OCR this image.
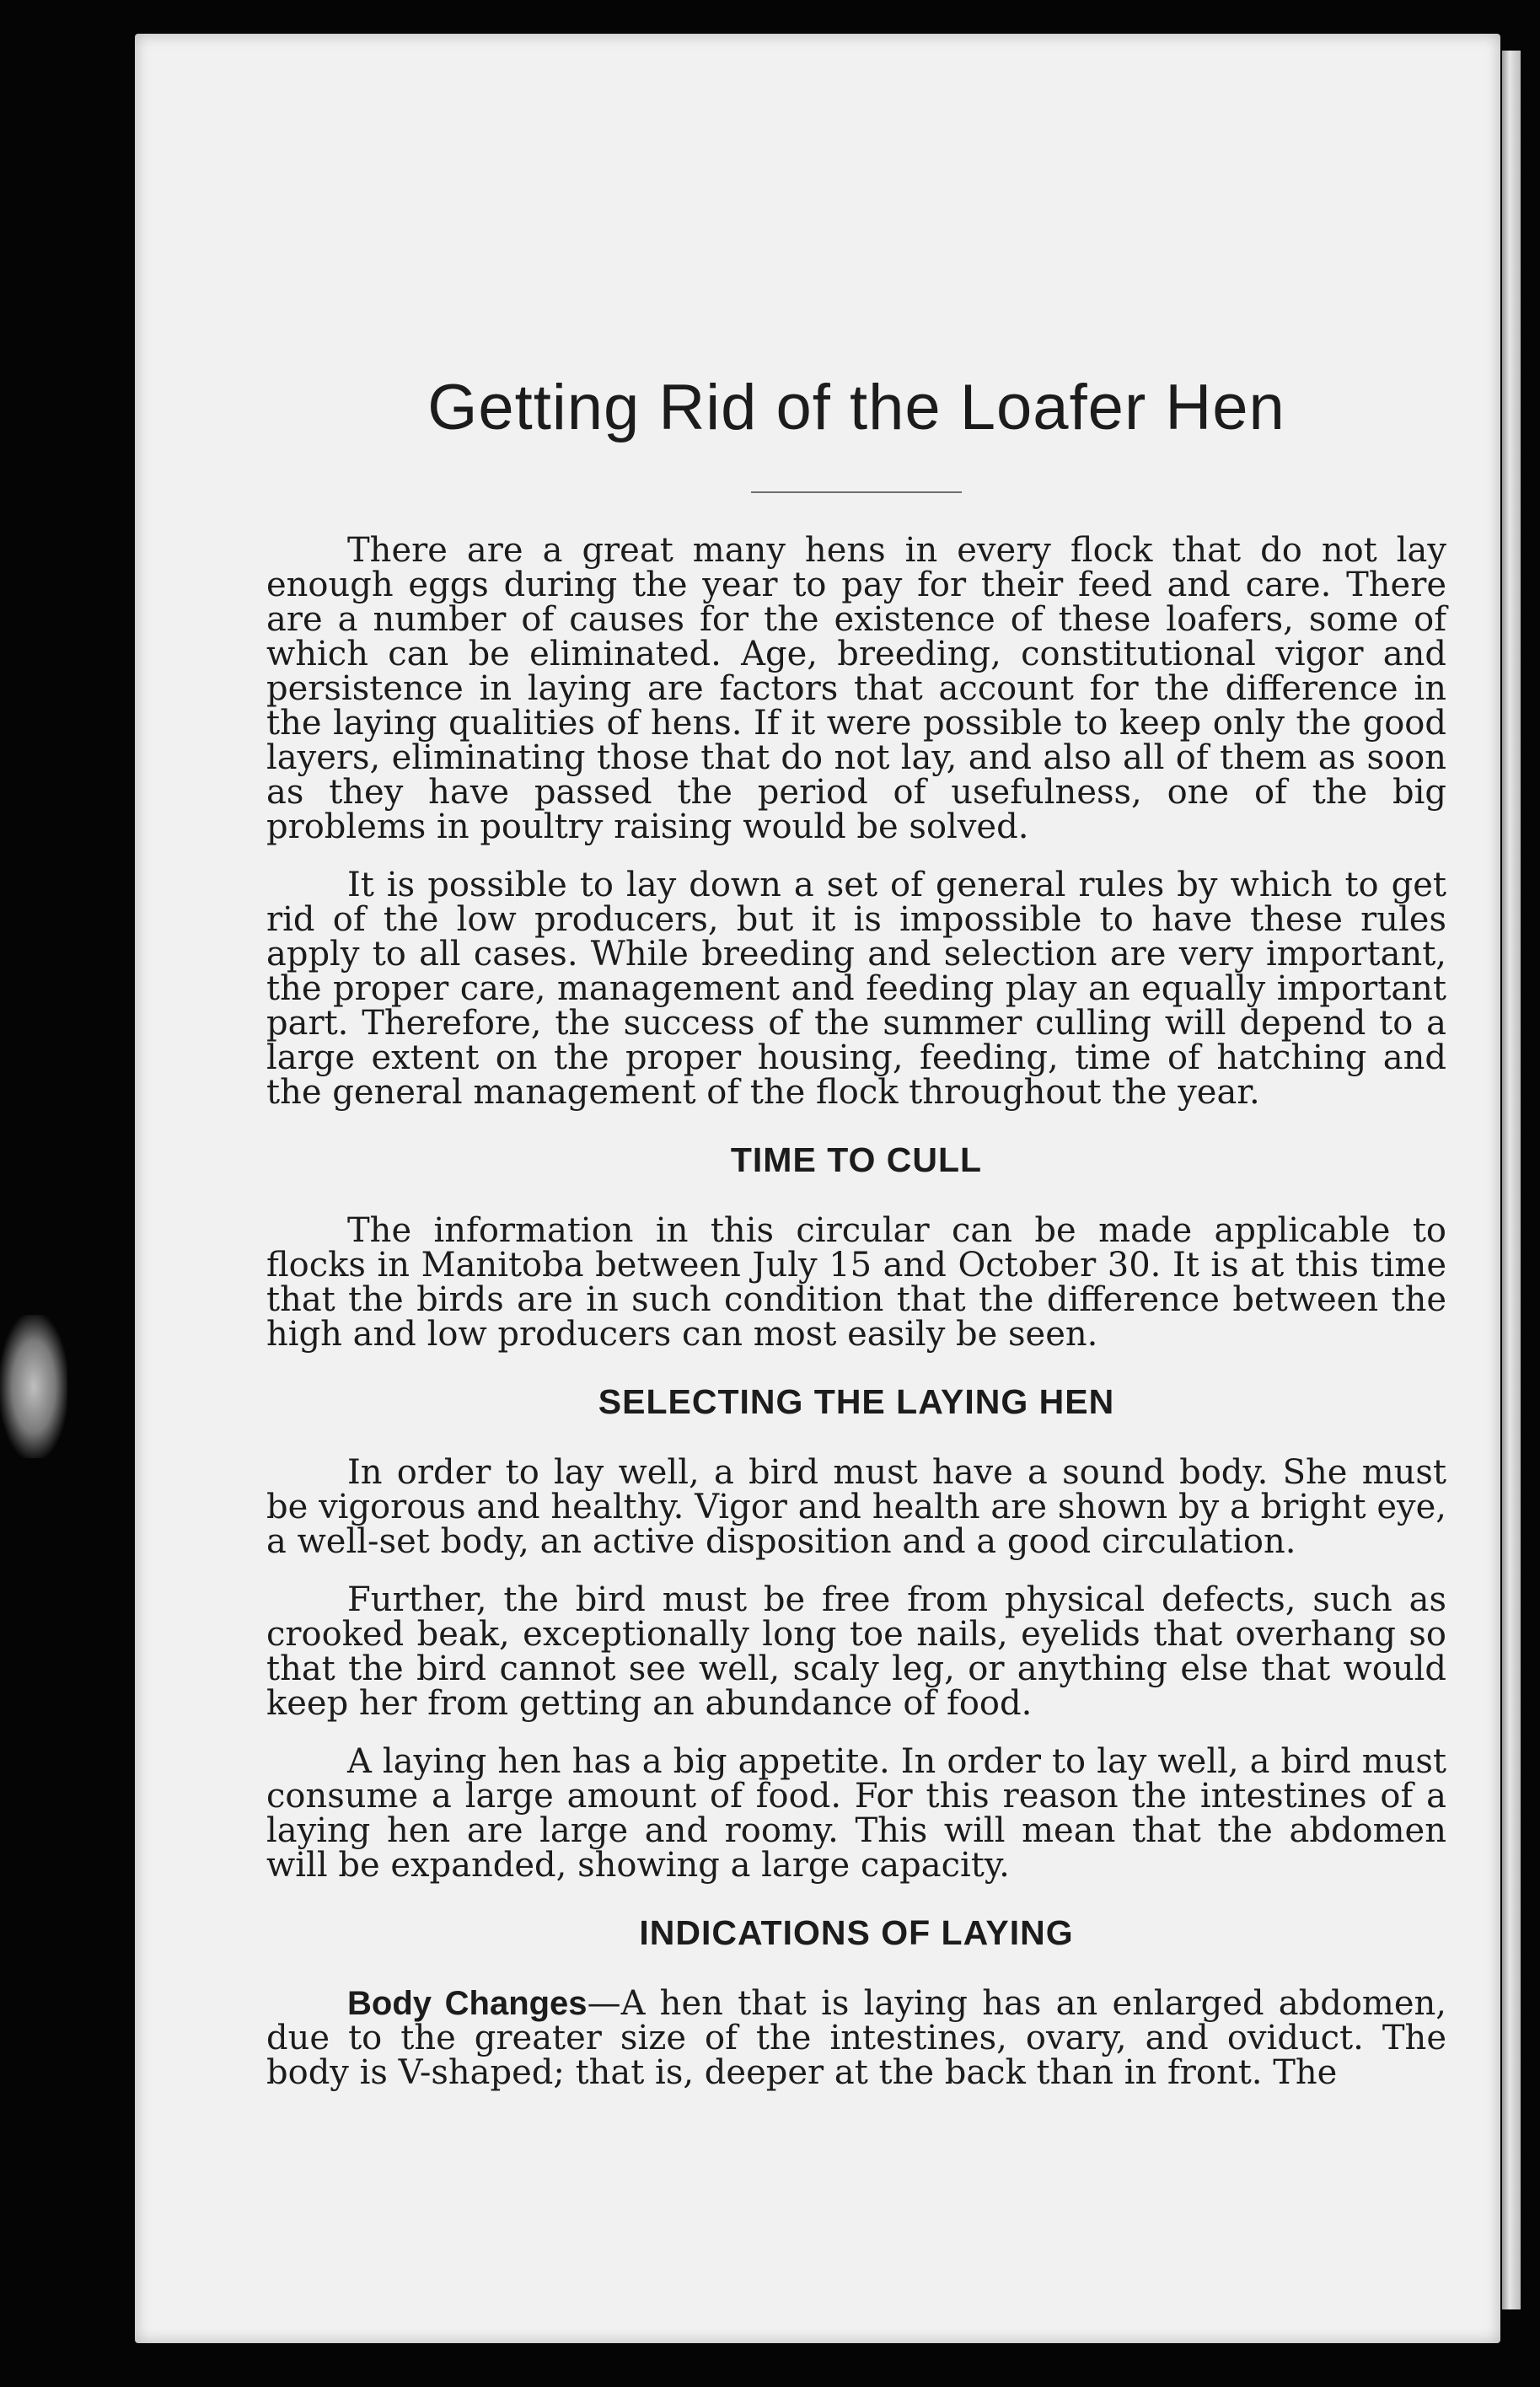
Getting Rid of the Loafer Hen

There are a great many hens in every flock that do not lay enough eggs during the year to pay for their feed and care. There are a number of causes for the existence of these loafers, some of which can be eliminated. Age, breeding, constitutional vigor and persistence in laying are factors that account for the difference in the laying qualities of hens. If it were possible to keep only the good layers, eliminating those that do not lay, and also all of them as soon as they have passed the period of usefulness, one of the big problems in poultry raising would be solved.

It is possible to lay down a set of general rules by which to get rid of the low producers, but it is impossible to have these rules apply to all cases. While breeding and selection are very important, the proper care, management and feeding play an equally important part. Therefore, the success of the summer culling will depend to a large extent on the proper housing, feeding, time of hatching and the general management of the flock throughout the year.

TIME TO CULL

The information in this circular can be made applicable to flocks in Manitoba between July 15 and October 30. It is at this time that the birds are in such condition that the difference between the high and low producers can most easily be seen.

SELECTING THE LAYING HEN

In order to lay well, a bird must have a sound body. She must be vigorous and healthy. Vigor and health are shown by a bright eye, a well-set body, an active disposition and a good circulation.

Further, the bird must be free from physical defects, such as crooked beak, exceptionally long toe nails, eyelids that overhang so that the bird cannot see well, scaly leg, or anything else that would keep her from getting an abundance of food.

A laying hen has a big appetite. In order to lay well, a bird must consume a large amount of food. For this reason the intestines of a laying hen are large and roomy. This will mean that the abdomen will be expanded, showing a large capacity.

INDICATIONS OF LAYING

Body Changes—A hen that is laying has an enlarged abdomen, due to the greater size of the intestines, ovary, and oviduct. The body is V-shaped; that is, deeper at the back than in front. The
